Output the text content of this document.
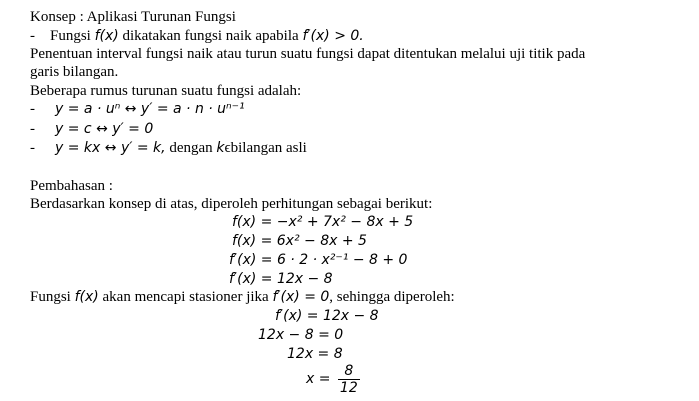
Konsep : Aplikasi Turunan Fungsi
-    Fungsi f(x) dikatakan fungsi naik apabila f′(x) > 0.
Penentuan interval fungsi naik atau turun suatu fungsi dapat ditentukan melalui uji titik pada
garis bilangan.
Beberapa rumus turunan suatu fungsi adalah:
- y = a · uⁿ ↔ y′ = a · n · uⁿ⁻¹
- y = c ↔ y′ = 0
- y = kx ↔ y′ = k, dengan kϵbilangan asli
Pembahasan :
Berdasarkan konsep di atas, diperoleh perhitungan sebagai berikut:
f(x) = −x² + 7x² − 8x + 5
f(x) = 6x² − 8x + 5
f′(x) = 6 · 2 · x²⁻¹ − 8 + 0
f′(x) = 12x − 8
Fungsi f(x) akan mencapi stasioner jika f′(x) = 0, sehingga diperoleh:
f′(x) = 12x − 8
12x − 8 = 0
12x = 8
$x = \frac{8}{12}$
